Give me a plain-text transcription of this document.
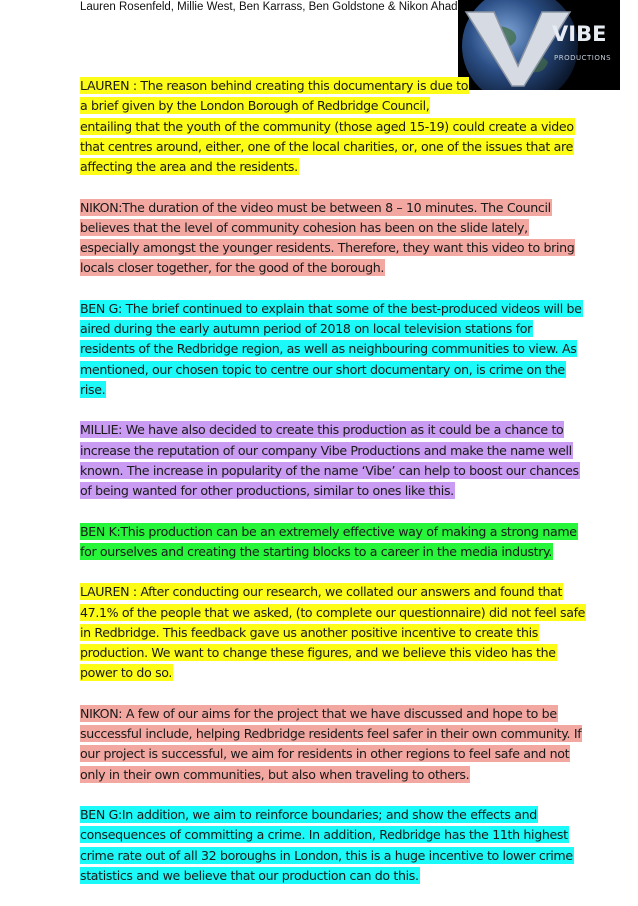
Lauren Rosenfeld, Millie West, Ben Karrass, Ben Goldstone & Nikon Ahad
VIBE
PRODUCTIONS
LAUREN : The reason behind creating this documentary is due to
a brief given by the London Borough of Redbridge Council,
entailing that the youth of the community (those aged 15-19) could create a video
that centres around, either, one of the local charities, or, one of the issues that are
affecting the area and the residents.
NIKON:The duration of the video must be between 8 – 10 minutes. The Council
believes that the level of community cohesion has been on the slide lately,
especially amongst the younger residents. Therefore, they want this video to bring
locals closer together, for the good of the borough.
BEN G: The brief continued to explain that some of the best-produced videos will be
aired during the early autumn period of 2018 on local television stations for
residents of the Redbridge region, as well as neighbouring communities to view. As
mentioned, our chosen topic to centre our short documentary on, is crime on the
rise.
MILLIE: We have also decided to create this production as it could be a chance to
increase the reputation of our company Vibe Productions and make the name well
known. The increase in popularity of the name ‘Vibe’ can help to boost our chances
of being wanted for other productions, similar to ones like this.
BEN K:This production can be an extremely effective way of making a strong name
for ourselves and creating the starting blocks to a career in the media industry.
LAUREN : After conducting our research, we collated our answers and found that
47.1% of the people that we asked, (to complete our questionnaire) did not feel safe
in Redbridge. This feedback gave us another positive incentive to create this
production. We want to change these figures, and we believe this video has the
power to do so.
NIKON: A few of our aims for the project that we have discussed and hope to be
successful include, helping Redbridge residents feel safer in their own community. If
our project is successful, we aim for residents in other regions to feel safe and not
only in their own communities, but also when traveling to others.
BEN G:In addition, we aim to reinforce boundaries; and show the effects and
consequences of committing a crime. In addition, Redbridge has the 11th highest
crime rate out of all 32 boroughs in London, this is a huge incentive to lower crime
statistics and we believe that our production can do this.
